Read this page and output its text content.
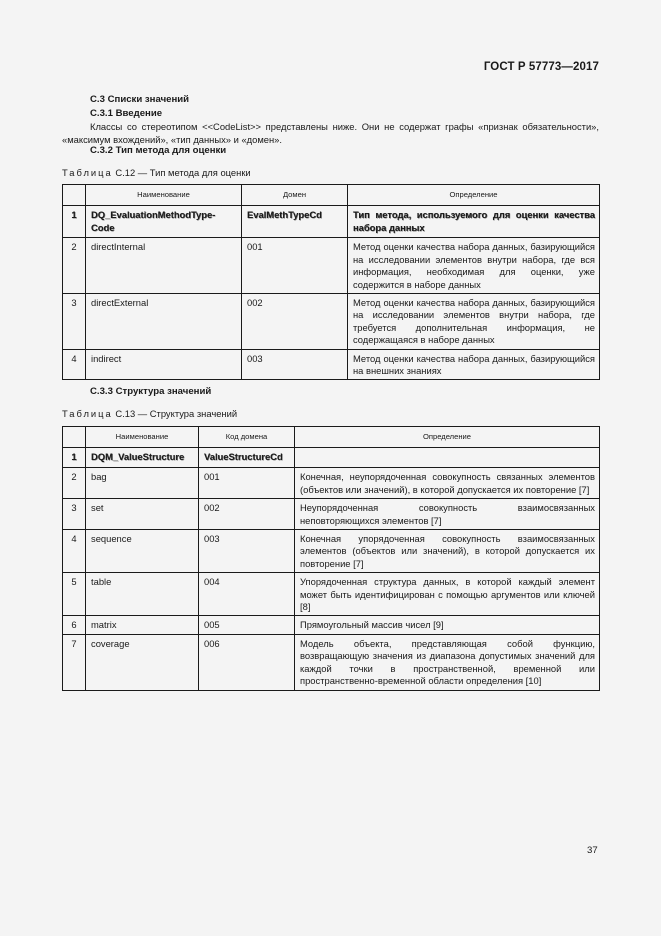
ГОСТ Р 57773—2017
С.3 Списки значений
С.3.1 Введение
Классы со стереотипом <<CodeList>> представлены ниже. Они не содержат графы «признак обязательности», «максимум вхождений», «тип данных» и «домен».
С.3.2 Тип метода для оценки
Таблица С.12 — Тип метода для оценки
	Наименование	Домен	Определение
1	DQ_EvaluationMethodType-Code	EvalMethTypeCd	Тип метода, используемого для оценки качества набора данных
2	directInternal	001	Метод оценки качества набора данных, базирующийся на исследовании элементов внутри набора, где вся информация, необходимая для оценки, уже содержится в наборе данных
3	directExternal	002	Метод оценки качества набора данных, базирующийся на исследовании элементов внутри набора, где требуется дополнительная информация, не содержащаяся в наборе данных
4	indirect	003	Метод оценки качества набора данных, базирующийся на внешних знаниях
С.3.3 Структура значений
Таблица С.13 — Структура значений
	Наименование	Код домена	Определение
1	DQM_ValueStructure	ValueStructureCd	
2	bag	001	Конечная, неупорядоченная совокупность связанных элементов (объектов или значений), в которой допускается их повторение [7]
3	set	002	Неупорядоченная совокупность взаимосвязанных неповторяющихся элементов [7]
4	sequence	003	Конечная упорядоченная совокупность взаимосвязанных элементов (объектов или значений), в которой допускается их повторение [7]
5	table	004	Упорядоченная структура данных, в которой каждый элемент может быть идентифицирован с помощью аргументов или ключей [8]
6	matrix	005	Прямоугольный массив чисел [9]
7	coverage	006	Модель объекта, представляющая собой функцию, возвращающую значения из диапазона допустимых значений для каждой точки в пространственной, временной или пространственно-временной области определения [10]
37
